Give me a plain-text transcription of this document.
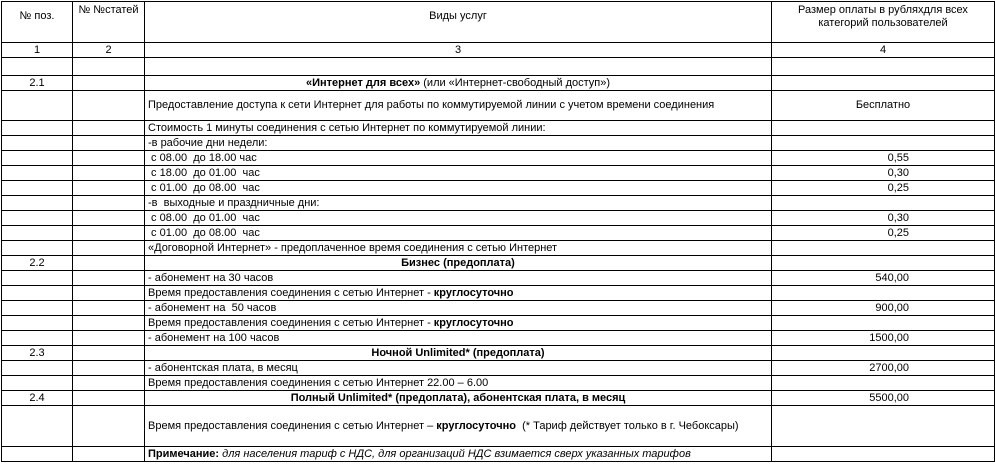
№ поз.	№ №статей	Виды услуг	Размер оплаты в рубляхдля всех категорий пользователей
1	2	3	4

2.1		«Интернет для всех» (или «Интернет-свободный доступ»)	
		Предоставление доступа к сети Интернет для работы по коммутируемой линии с учетом времени соединения	Бесплатно
		Стоимость 1 минуты соединения с сетью Интернет по коммутируемой линии:	
		-в рабочие дни недели:	
		с 08.00  до 18.00 час	0,55
		с 18.00  до 01.00  час	0,30
		с 01.00  до 08.00  час	0,25
		-в  выходные и праздничные дни:	
		с 08.00  до 01.00  час	0,30
		с 01.00  до 08.00  час	0,25
		«Договорной Интернет» - предоплаченное время соединения с сетью Интернет	
2.2		Бизнес (предоплата)	
		- абонемент на 30 часов	540,00
		Время предоставления соединения с сетью Интернет - круглосуточно	
		- абонемент на  50 часов	900,00
		Время предоставления соединения с сетью Интернет - круглосуточно	
		- абонемент на 100 часов	1500,00
2.3		Ночной Unlimited* (предоплата)	
		- абонентская плата, в месяц	2700,00
		Время предоставления соединения с сетью Интернет 22.00 – 6.00	
2.4		Полный Unlimited* (предоплата), абонентская плата, в месяц	5500,00
		Время предоставления соединения с сетью Интернет – круглосуточно  (* Тариф действует только в г. Чебоксары)	
		Примечание: для населения тариф с НДС, для организаций НДС взимается сверх указанных тарифов	
